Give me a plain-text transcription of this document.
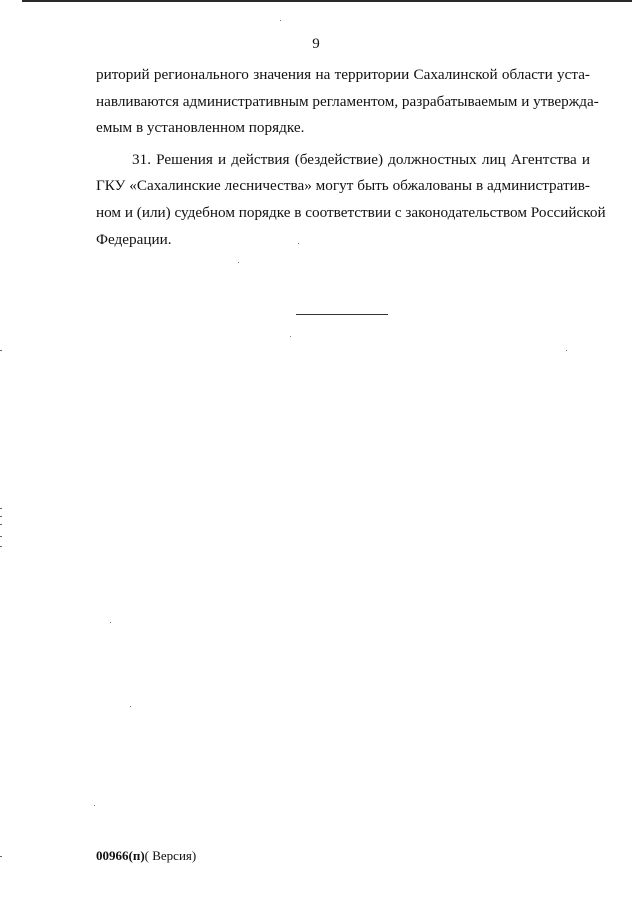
9
риторий регионального значения на территории Сахалинской области уста-
навливаются административным регламентом, разрабатываемым и утвержда-
емым в установленном порядке.
31. Решения и действия (бездействие) должностных лиц Агентства и
ГКУ «Сахалинские лесничества» могут быть обжалованы в административ-
ном и (или) судебном порядке в соответствии с законодательством Российской
Федерации.
00966(п)( Версия)
